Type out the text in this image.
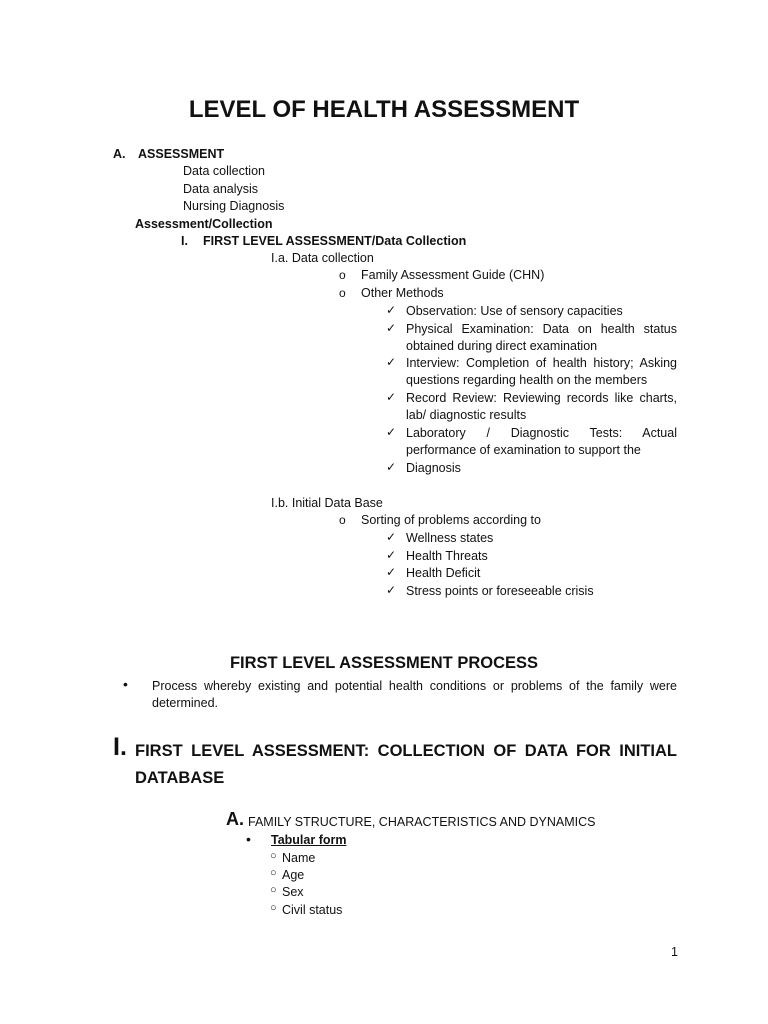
LEVEL OF HEALTH ASSESSMENT
A. ASSESSMENT
Data collection
Data analysis
Nursing Diagnosis
Assessment/Collection
I. FIRST LEVEL ASSESSMENT/Data Collection
I.a. Data collection
o Family Assessment Guide (CHN)
o Other Methods
✓ Observation: Use of sensory capacities
✓ Physical Examination: Data on health status obtained during direct examination
✓ Interview: Completion of health history; Asking questions regarding health on the members
✓ Record Review: Reviewing records like charts, lab/ diagnostic results
✓ Laboratory / Diagnostic Tests: Actual performance of examination to support the
✓ Diagnosis
I.b. Initial Data Base
o Sorting of problems according to
✓ Wellness states
✓ Health Threats
✓ Health Deficit
✓ Stress points or foreseeable crisis
FIRST LEVEL ASSESSMENT PROCESS
• Process whereby existing and potential health conditions or problems of the family were determined.
I. FIRST LEVEL ASSESSMENT: COLLECTION OF DATA FOR INITIAL DATABASE
A. FAMILY STRUCTURE, CHARACTERISTICS AND DYNAMICS
• Tabular form
○ Name
○ Age
○ Sex
○ Civil status
1
